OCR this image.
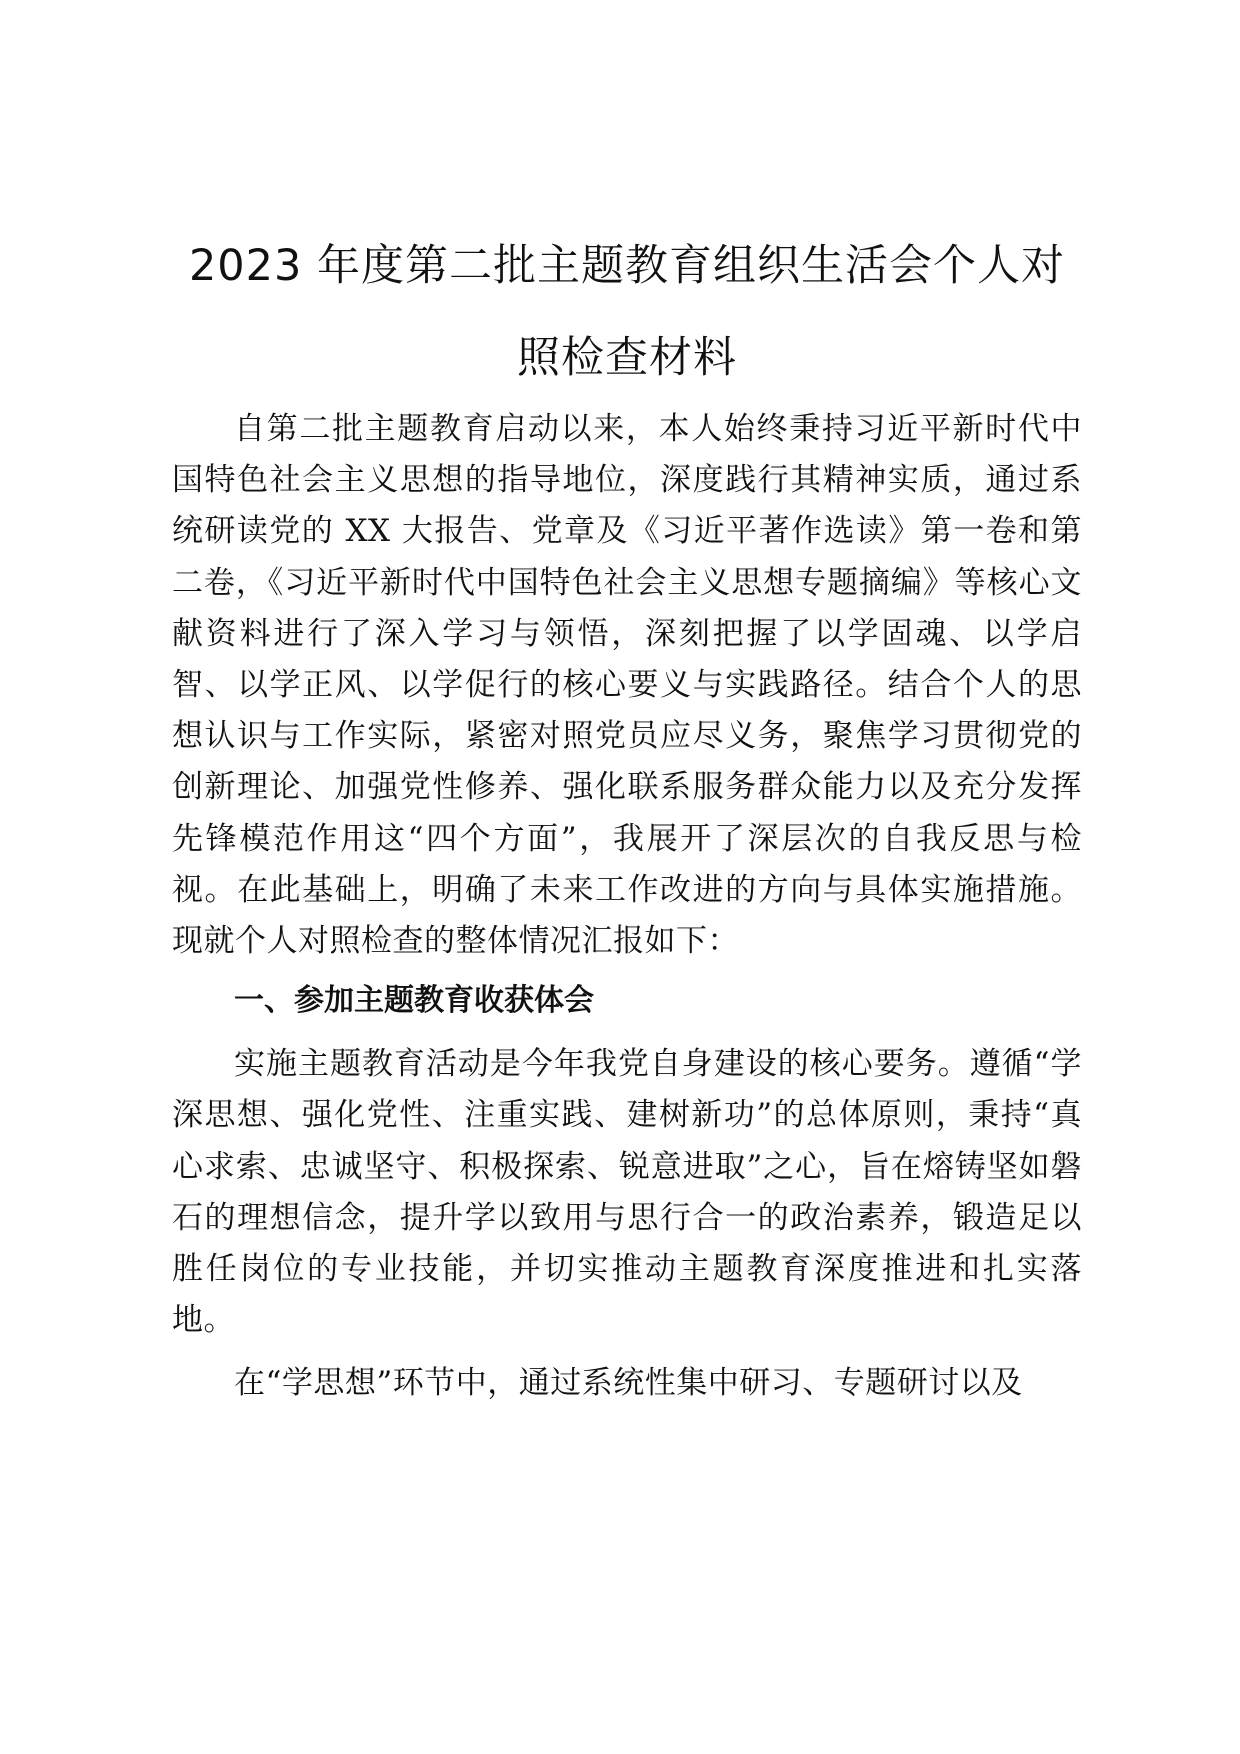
2023 年度第二批主题教育组织生活会个人对
照检查材料

自第二批主题教育启动以来，本人始终秉持习近平新时代中国特色社会主义思想的指导地位，深度践行其精神实质，通过系统研读党的 XX 大报告、党章及《习近平著作选读》第一卷和第二卷，《习近平新时代中国特色社会主义思想专题摘编》等核心文献资料进行了深入学习与领悟，深刻把握了以学固魂、以学启智、以学正风、以学促行的核心要义与实践路径。结合个人的思想认识与工作实际，紧密对照党员应尽义务，聚焦学习贯彻党的创新理论、加强党性修养、强化联系服务群众能力以及充分发挥先锋模范作用这“四个方面”，我展开了深层次的自我反思与检视。在此基础上，明确了未来工作改进的方向与具体实施措施。现就个人对照检查的整体情况汇报如下：

一、参加主题教育收获体会

实施主题教育活动是今年我党自身建设的核心要务。遵循“学深思想、强化党性、注重实践、建树新功”的总体原则，秉持“真心求索、忠诚坚守、积极探索、锐意进取”之心，旨在熔铸坚如磐石的理想信念，提升学以致用与思行合一的政治素养，锻造足以胜任岗位的专业技能，并切实推动主题教育深度推进和扎实落地。

在“学思想”环节中，通过系统性集中研习、专题研讨以及
